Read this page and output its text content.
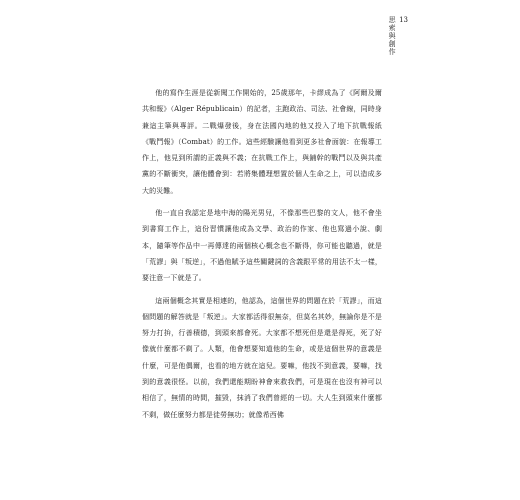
思索與創作 13

他的寫作生涯是從新聞工作開始的，25歲那年，卡繆成為了《阿爾及爾共和報》（Alger Républicain）的記者，主跑政治、司法、社會線，同時身兼這主筆與專評。二戰爆發後，身在法國內地的他又投入了地下抗戰報紙《戰鬥報》（Combat）的工作。這些經驗讓他看到更多社會面貌：在報導工作上，他見到所謂的正義與不義；在抗戰工作上，與鋪幹的戰鬥以及與共產黨的不斷衝突，讓他體會到：若將集體理想置於個人生命之上，可以造成多大的災難。

他一直自我認定是地中海的陽光男兒，不像那些巴黎的文人，他不會坐到書寫工作上，這份習慣讓他成為文學、政治的作家、他也寫過小說、劇本，隨筆等作品中一再傳達的兩個核心概念也不斷得，你可能也聽過，就是「荒謬」與「叛逆」，不過他賦予這些關鍵詞的含義跟平常的用法不太一樣，要注意一下就是了。

這兩個概念其實是相連的，他認為，這個世界的問題在於「荒謬」，而這個問題的解答就是「叛逆」。大家都活得很無奈，但莫名其妙，無論你是不是努力打拚，行善積德，到頭來都會死。大家都不想死但是還是得死，死了好像就什麼都不剩了。人類，他會想要知道他的生命，或是這個世界的意義是什麼，可是他偶爾，也看的地方就在這兒。要嘛，他找不到意義，要嘛，找到的意義很怪。以前，我們還能期盼神會來救我們，可是現在也沒有神可以相信了，無情的時間，摧毀，抹消了我們曾經的一切。大人生到頭來什麼都不剩，做任麼努力都是徒勞無功；就像希西佛
